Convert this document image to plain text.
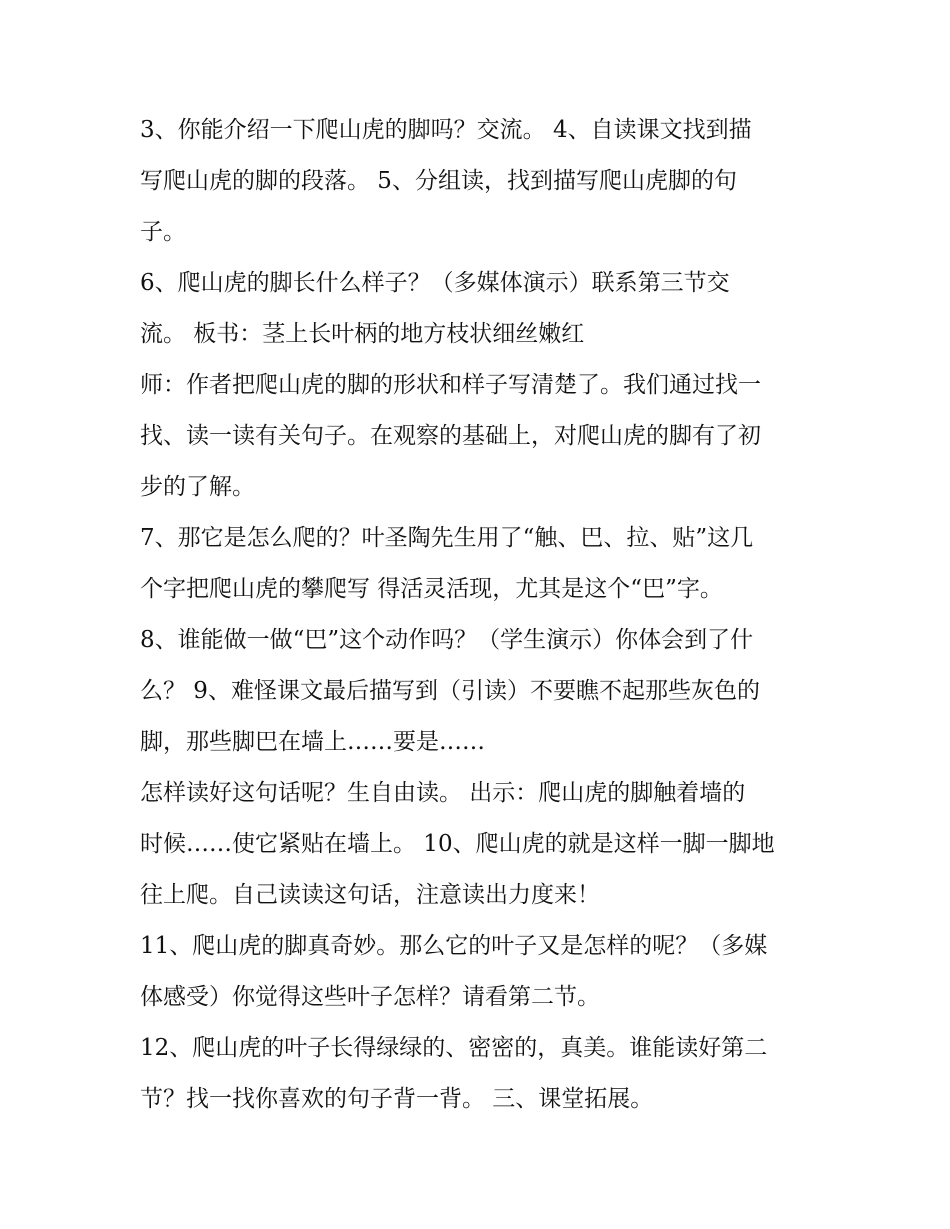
3、你能介绍一下爬山虎的脚吗？交流。 4、自读课文找到描
写爬山虎的脚的段落。 5、分组读，找到描写爬山虎脚的句
子。
6、爬山虎的脚长什么样子？（多媒体演示）联系第三节交
流。 板书：茎上长叶柄的地方枝状细丝嫩红
师：作者把爬山虎的脚的形状和样子写清楚了。我们通过找一
找、读一读有关句子。在观察的基础上，对爬山虎的脚有了初
步的了解。
7、那它是怎么爬的？叶圣陶先生用了“触、巴、拉、贴”这几
个字把爬山虎的攀爬写 得活灵活现，尤其是这个“巴”字。
8、谁能做一做“巴”这个动作吗？（学生演示）你体会到了什
么？ 9、难怪课文最后描写到（引读）不要瞧不起那些灰色的
脚，那些脚巴在墙上……要是……
怎样读好这句话呢？生自由读。 出示：爬山虎的脚触着墙的
时候……使它紧贴在墙上。 10、爬山虎的就是这样一脚一脚地
往上爬。自己读读这句话，注意读出力度来！
11、爬山虎的脚真奇妙。那么它的叶子又是怎样的呢？（多媒
体感受）你觉得这些叶子怎样？请看第二节。
12、爬山虎的叶子长得绿绿的、密密的，真美。谁能读好第二
节？找一找你喜欢的句子背一背。 三、课堂拓展。
